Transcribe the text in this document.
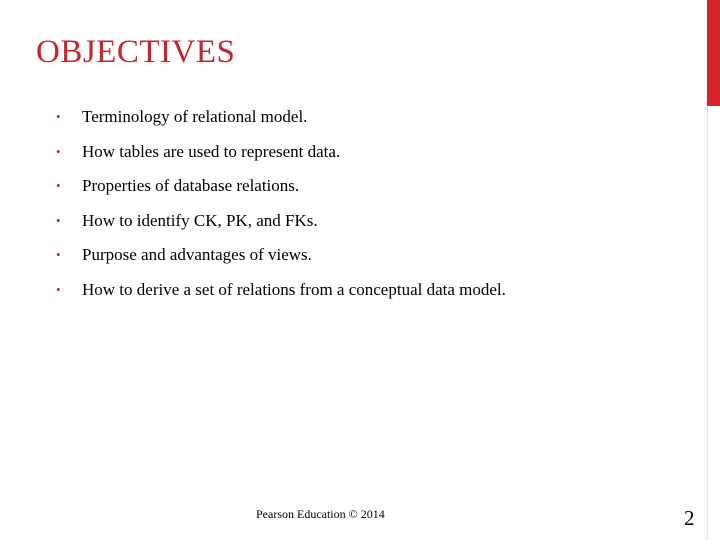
OBJECTIVES
• Terminology of relational model.
• How tables are used to represent data.
• Properties of database relations.
• How to identify CK, PK, and FKs.
• Purpose and advantages of views.
• How to derive a set of relations from a conceptual data model.
Pearson Education © 2014	2
